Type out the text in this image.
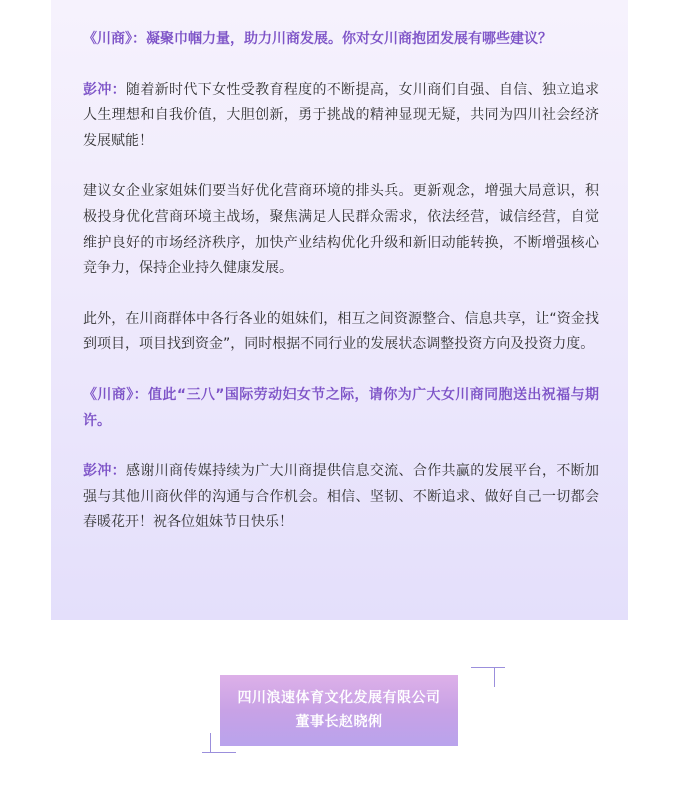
《川商》：凝聚巾帼力量，助力川商发展。你对女川商抱团发展有哪些建议？

彭冲：随着新时代下女性受教育程度的不断提高，女川商们自强、自信、独立追求人生理想和自我价值，大胆创新，勇于挑战的精神显现无疑，共同为四川社会经济发展赋能！

建议女企业家姐妹们要当好优化营商环境的排头兵。更新观念，增强大局意识，积极投身优化营商环境主战场，聚焦满足人民群众需求，依法经营，诚信经营，自觉维护良好的市场经济秩序，加快产业结构优化升级和新旧动能转换，不断增强核心竞争力，保持企业持久健康发展。

此外，在川商群体中各行各业的姐妹们，相互之间资源整合、信息共享，让“资金找到项目，项目找到资金”，同时根据不同行业的发展状态调整投资方向及投资力度。

《川商》：值此“三八”国际劳动妇女节之际，请你为广大女川商同胞送出祝福与期许。

彭冲：感谢川商传媒持续为广大川商提供信息交流、合作共赢的发展平台，不断加强与其他川商伙伴的沟通与合作机会。相信、坚韧、不断追求、做好自己一切都会春暖花开！祝各位姐妹节日快乐！

四川浪速体育文化发展有限公司
董事长赵晓俐
